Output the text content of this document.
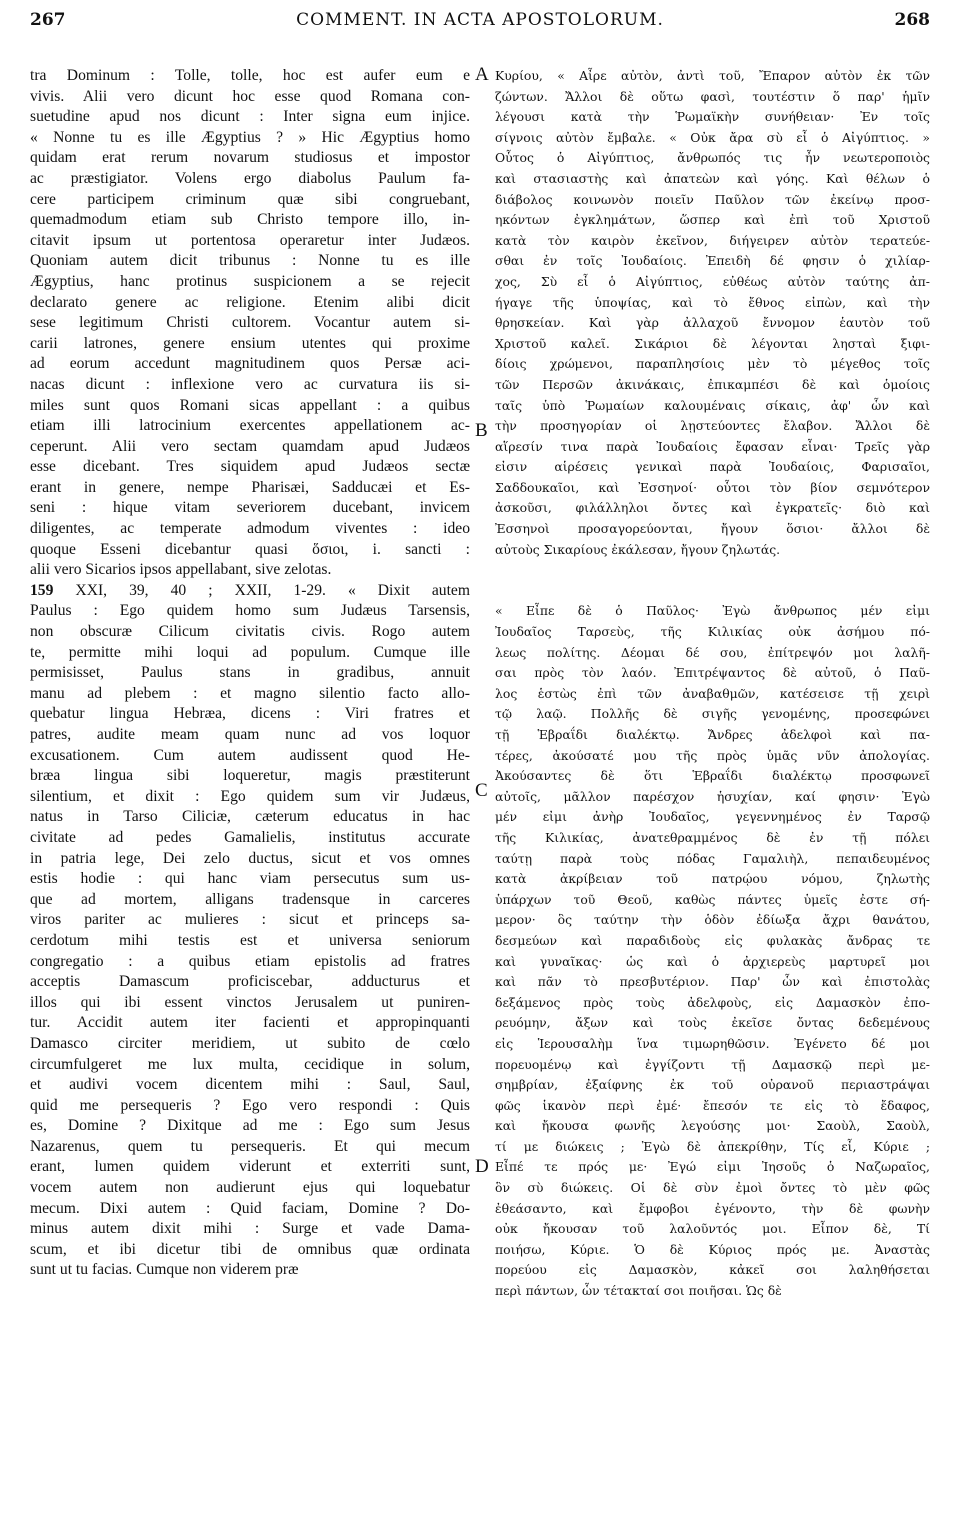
267	COMMENT. IN ACTA APOSTOLORUM.	268
tra Dominum : Tolle, tolle, hoc est aufer eum e
vivis. Alii vero dicunt hoc esse quod Romana con-
suetudine apud nos dicunt : Inter signa eum injice.
« Nonne tu es ille Ægyptius ? » Hic Ægyptius homo
quidam erat rerum novarum studiosus et impostor
ac præstigiator. Volens ergo diabolus Paulum fa-
cere participem criminum quæ sibi congruebant,
quemadmodum etiam sub Christo tempore illo, in-
citavit ipsum ut portentosa operaretur inter Judæos.
Quoniam autem dicit tribunus : Nonne tu es ille
Ægyptius, hanc protinus suspicionem a se rejecit
declarato genere ac religione. Etenim alibi dicit
sese legitimum Christi cultorem. Vocantur autem si-
carii latrones, genere ensium utentes qui proxime
ad eorum accedunt magnitudinem quos Persæ aci-
nacas dicunt : inflexione vero ac curvatura iis si-
miles sunt quos Romani sicas appellant : a quibus
etiam illi latrocinium exercentes appellationem ac-
ceperunt. Alii vero sectam quamdam apud Judæos
esse dicebant. Tres siquidem apud Judæos sectæ
erant in genere, nempe Pharisæi, Sadducæi et Es-
seni : hique vitam severiorem ducebant, invicem
diligentes, ac temperate admodum viventes : ideo
quoque Esseni dicebantur quasi ὅσιοι, i. sancti :
alii vero Sicarios ipsos appellabant, sive zelotas.
159 XXI, 39, 40 ; XXII, 1-29. « Dixit autem
Paulus : Ego quidem homo sum Judæus Tarsensis,
non obscuræ Cilicum civitatis civis. Rogo autem
te, permitte mihi loqui ad populum. Cumque ille
permisisset, Paulus stans in gradibus, annuit
manu ad plebem : et magno silentio facto allo-
quebatur lingua Hebræa, dicens : Viri fratres et
patres, audite meam quam nunc ad vos loquor
excusationem. Cum autem audissent quod He-
bræa lingua sibi loqueretur, magis præstiterunt
silentium, et dixit : Ego quidem sum vir Judæus,
natus in Tarso Ciliciæ, cæterum educatus in hac
civitate ad pedes Gamalielis, institutus accurate
in patria lege, Dei zelo ductus, sicut et vos omnes
estis hodie : qui hanc viam persecutus sum us-
que ad mortem, alligans tradensque in carceres
viros pariter ac mulieres : sicut et princeps sa-
cerdotum mihi testis est et universa seniorum
congregatio : a quibus etiam epistolis ad fratres
acceptis Damascum proficiscebar, adducturus et
illos qui ibi essent vinctos Jerusalem ut puniren-
tur. Accidit autem iter facienti et appropinquanti
Damasco circiter meridiem, ut subito de cœlo
circumfulgeret me lux multa, cecidique in solum,
et audivi vocem dicentem mihi : Saul, Saul,
quid me persequeris ? Ego vero respondi : Quis
es, Domine ? Dixitque ad me : Ego sum Jesus
Nazarenus, quem tu persequeris. Et qui mecum
erant, lumen quidem viderunt et exterriti sunt,
vocem autem non audierunt ejus qui loquebatur
mecum. Dixi autem : Quid faciam, Domine ? Do-
minus autem dixit mihi : Surge et vade Dama-
scum, et ibi dicetur tibi de omnibus quæ ordinata
sunt ut tu facias. Cumque non viderem præ
Κυρίου, « Αἶρε αὐτὸν, ἀντὶ τοῦ, Ἔπαρον αὐτὸν ἐκ τῶν
ζώντων. Ἄλλοι δὲ οὕτω φασὶ, τουτέστιν ὅ παρ' ἡμῖν
λέγουσι κατὰ τὴν Ῥωμαϊκὴν συνήθειαν· Ἐν τοῖς
σίγνοις αὐτὸν ἔμβαλε. « Οὐκ ἄρα σὺ εἶ ὁ Αἰγύπτιος. »
Οὗτος ὁ Αἰγύπτιος, ἄνθρωπός τις ἦν νεωτεροποιὸς
καὶ στασιαστὴς καὶ ἀπατεὼν καὶ γόης. Καὶ θέλων ὁ
διάβολος κοινωνὸν ποιεῖν Παῦλον τῶν ἐκείνῳ προσ-
ηκόντων ἐγκλημάτων, ὥσπερ καὶ ἐπὶ τοῦ Χριστοῦ
κατὰ τὸν καιρὸν ἐκεῖνον, διήγειρεν αὐτὸν τερατεύε-
σθαι ἐν τοῖς Ἰουδαίοις. Ἐπειδὴ δέ φησιν ὁ χιλίαρ-
χος, Σὺ εἶ ὁ Αἰγύπτιος, εὐθέως αὐτὸν ταύτης ἀπ-
ήγαγε τῆς ὑποψίας, καὶ τὸ ἔθνος εἰπὼν, καὶ τὴν
θρησκείαν. Καὶ γὰρ ἀλλαχοῦ ἔννομον ἑαυτὸν τοῦ
Χριστοῦ καλεῖ. Σικάριοι δὲ λέγονται λησταὶ ξιφι-
δίοις χρώμενοι, παραπλησίοις μὲν τὸ μέγεθος τοῖς
τῶν Περσῶν ἀκινάκαις, ἐπικαμπέσι δὲ καὶ ὁμοίοις
ταῖς ὑπὸ Ῥωμαίων καλουμέναις σίκαις, ἀφ' ὧν καὶ
τὴν προσηγορίαν οἱ λῃστεύοντες ἔλαβον. Ἄλλοι δὲ
αἵρεσίν τινα παρὰ Ἰουδαίοις ἔφασαν εἶναι· Τρεῖς γὰρ
εἰσιν αἱρέσεις γενικαὶ παρὰ Ἰουδαίοις, Φαρισαῖοι,
Σαδδουκαῖοι, καὶ Ἐσσηνοί· οὗτοι τὸν βίον σεμνότερον
ἀσκοῦσι, φιλάλληλοι ὄντες καὶ ἐγκρατεῖς· διὸ καὶ
Ἐσσηνοὶ προσαγορεύονται, ἤγουν ὅσιοι· ἄλλοι δὲ
αὐτοὺς Σικαρίους ἐκάλεσαν, ἤγουν ζηλωτάς.
« Εἶπε δὲ ὁ Παῦλος· Ἐγὼ ἄνθρωπος μέν εἰμι
Ἰουδαῖος Ταρσεὺς, τῆς Κιλικίας οὐκ ἀσήμου πό-
λεως πολίτης. Δέομαι δέ σου, ἐπίτρεψόν μοι λαλῆ-
σαι πρὸς τὸν λαόν. Ἐπιτρέψαντος δὲ αὐτοῦ, ὁ Παῦ-
λος ἑστὼς ἐπὶ τῶν ἀναβαθμῶν, κατέσεισε τῇ χειρὶ
τῷ λαῷ. Πολλῆς δὲ σιγῆς γενομένης, προσεφώνει
τῇ Ἑβραΐδι διαλέκτῳ. Ἄνδρες ἀδελφοὶ καὶ πα-
τέρες, ἀκούσατέ μου τῆς πρὸς ὑμᾶς νῦν ἀπολογίας.
Ἀκούσαντες δὲ ὅτι Ἑβραΐδι διαλέκτῳ προσφωνεῖ
αὐτοῖς, μᾶλλον παρέσχον ἡσυχίαν, καί φησιν· Ἐγὼ
μέν εἰμι ἀνὴρ Ἰουδαῖος, γεγεννημένος ἐν Ταρσῷ
τῆς Κιλικίας, ἀνατεθραμμένος δὲ ἐν τῇ πόλει
ταύτῃ παρὰ τοὺς πόδας Γαμαλιὴλ, πεπαιδευμένος
κατὰ ἀκρίβειαν τοῦ πατρῴου νόμου, ζηλωτὴς
ὑπάρχων τοῦ Θεοῦ, καθὼς πάντες ὑμεῖς ἐστε σή-
μερον· ὃς ταύτην τὴν ὁδὸν ἐδίωξα ἄχρι θανάτου,
δεσμεύων καὶ παραδιδοὺς εἰς φυλακὰς ἄνδρας τε
καὶ γυναῖκας· ὡς καὶ ὁ ἀρχιερεὺς μαρτυρεῖ μοι
καὶ πᾶν τὸ πρεσβυτέριον. Παρ' ὧν καὶ ἐπιστολὰς
δεξάμενος πρὸς τοὺς ἀδελφοὺς, εἰς Δαμασκὸν ἐπο-
ρευόμην, ἄξων καὶ τοὺς ἐκεῖσε ὄντας δεδεμένους
εἰς Ἱερουσαλὴμ ἵνα τιμωρηθῶσιν. Ἐγένετο δέ μοι
πορευομένῳ καὶ ἐγγίζοντι τῇ Δαμασκῷ περὶ με-
σημβρίαν, ἐξαίφνης ἐκ τοῦ οὐρανοῦ περιαστράψαι
φῶς ἱκανὸν περὶ ἐμέ· ἔπεσόν τε εἰς τὸ ἔδαφος,
καὶ ἤκουσα φωνῆς λεγούσης μοι· Σαοὺλ, Σαοὺλ,
τί με διώκεις ; Ἐγὼ δὲ ἀπεκρίθην, Τίς εἶ, Κύριε ;
Εἶπέ τε πρός με· Ἐγώ εἰμι Ἰησοῦς ὁ Ναζωραῖος,
ὃν σὺ διώκεις. Οἱ δὲ σὺν ἐμοὶ ὄντες τὸ μὲν φῶς
ἐθεάσαντο, καὶ ἔμφοβοι ἐγένοντο, τὴν δὲ φωνὴν
οὐκ ἤκουσαν τοῦ λαλοῦντός μοι. Εἶπον δὲ, Τί
ποιήσω, Κύριε. Ὁ δὲ Κύριος πρός με. Ἀναστὰς
πορεύου εἰς Δαμασκὸν, κἀκεῖ σοι λαληθήσεται
περὶ πάντων, ὧν τέτακταί σοι ποιῆσαι. Ὡς δὲ
A
B
C
D
